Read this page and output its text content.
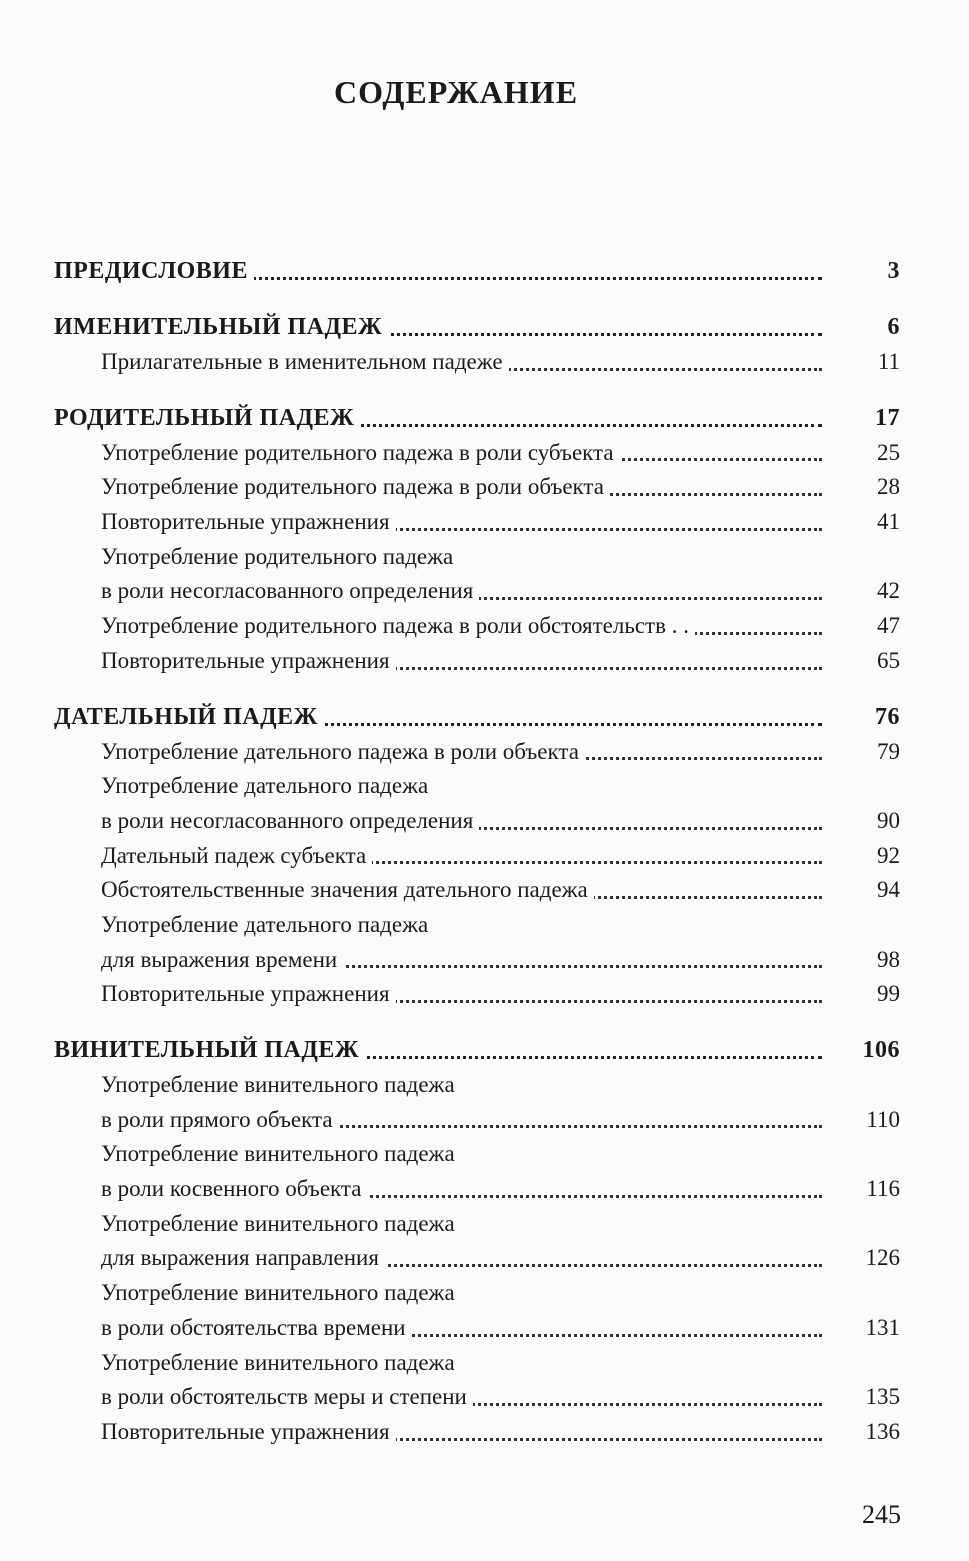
СОДЕРЖАНИЕ
ПРЕДИСЛОВИЕ	3
ИМЕНИТЕЛЬНЫЙ ПАДЕЖ	6
Прилагательные в именительном падеже	11
РОДИТЕЛЬНЫЙ ПАДЕЖ	17
Употребление родительного падежа в роли субъекта	25
Употребление родительного падежа в роли объекта	28
Повторительные упражнения	41
Употребление родительного падежа
в роли несогласованного определения	42
Употребление родительного падежа в роли обстоятельств . .	47
Повторительные упражнения	65
ДАТЕЛЬНЫЙ ПАДЕЖ	76
Употребление дательного падежа в роли объекта	79
Употребление дательного падежа
в роли несогласованного определения	90
Дательный падеж субъекта	92
Обстоятельственные значения дательного падежа	94
Употребление дательного падежа
для выражения времени	98
Повторительные упражнения	99
ВИНИТЕЛЬНЫЙ ПАДЕЖ	106
Употребление винительного падежа
в роли прямого объекта	110
Употребление винительного падежа
в роли косвенного объекта	116
Употребление винительного падежа
для выражения направления	126
Употребление винительного падежа
в роли обстоятельства времени	131
Употребление винительного падежа
в роли обстоятельств меры и степени	135
Повторительные упражнения	136
245
